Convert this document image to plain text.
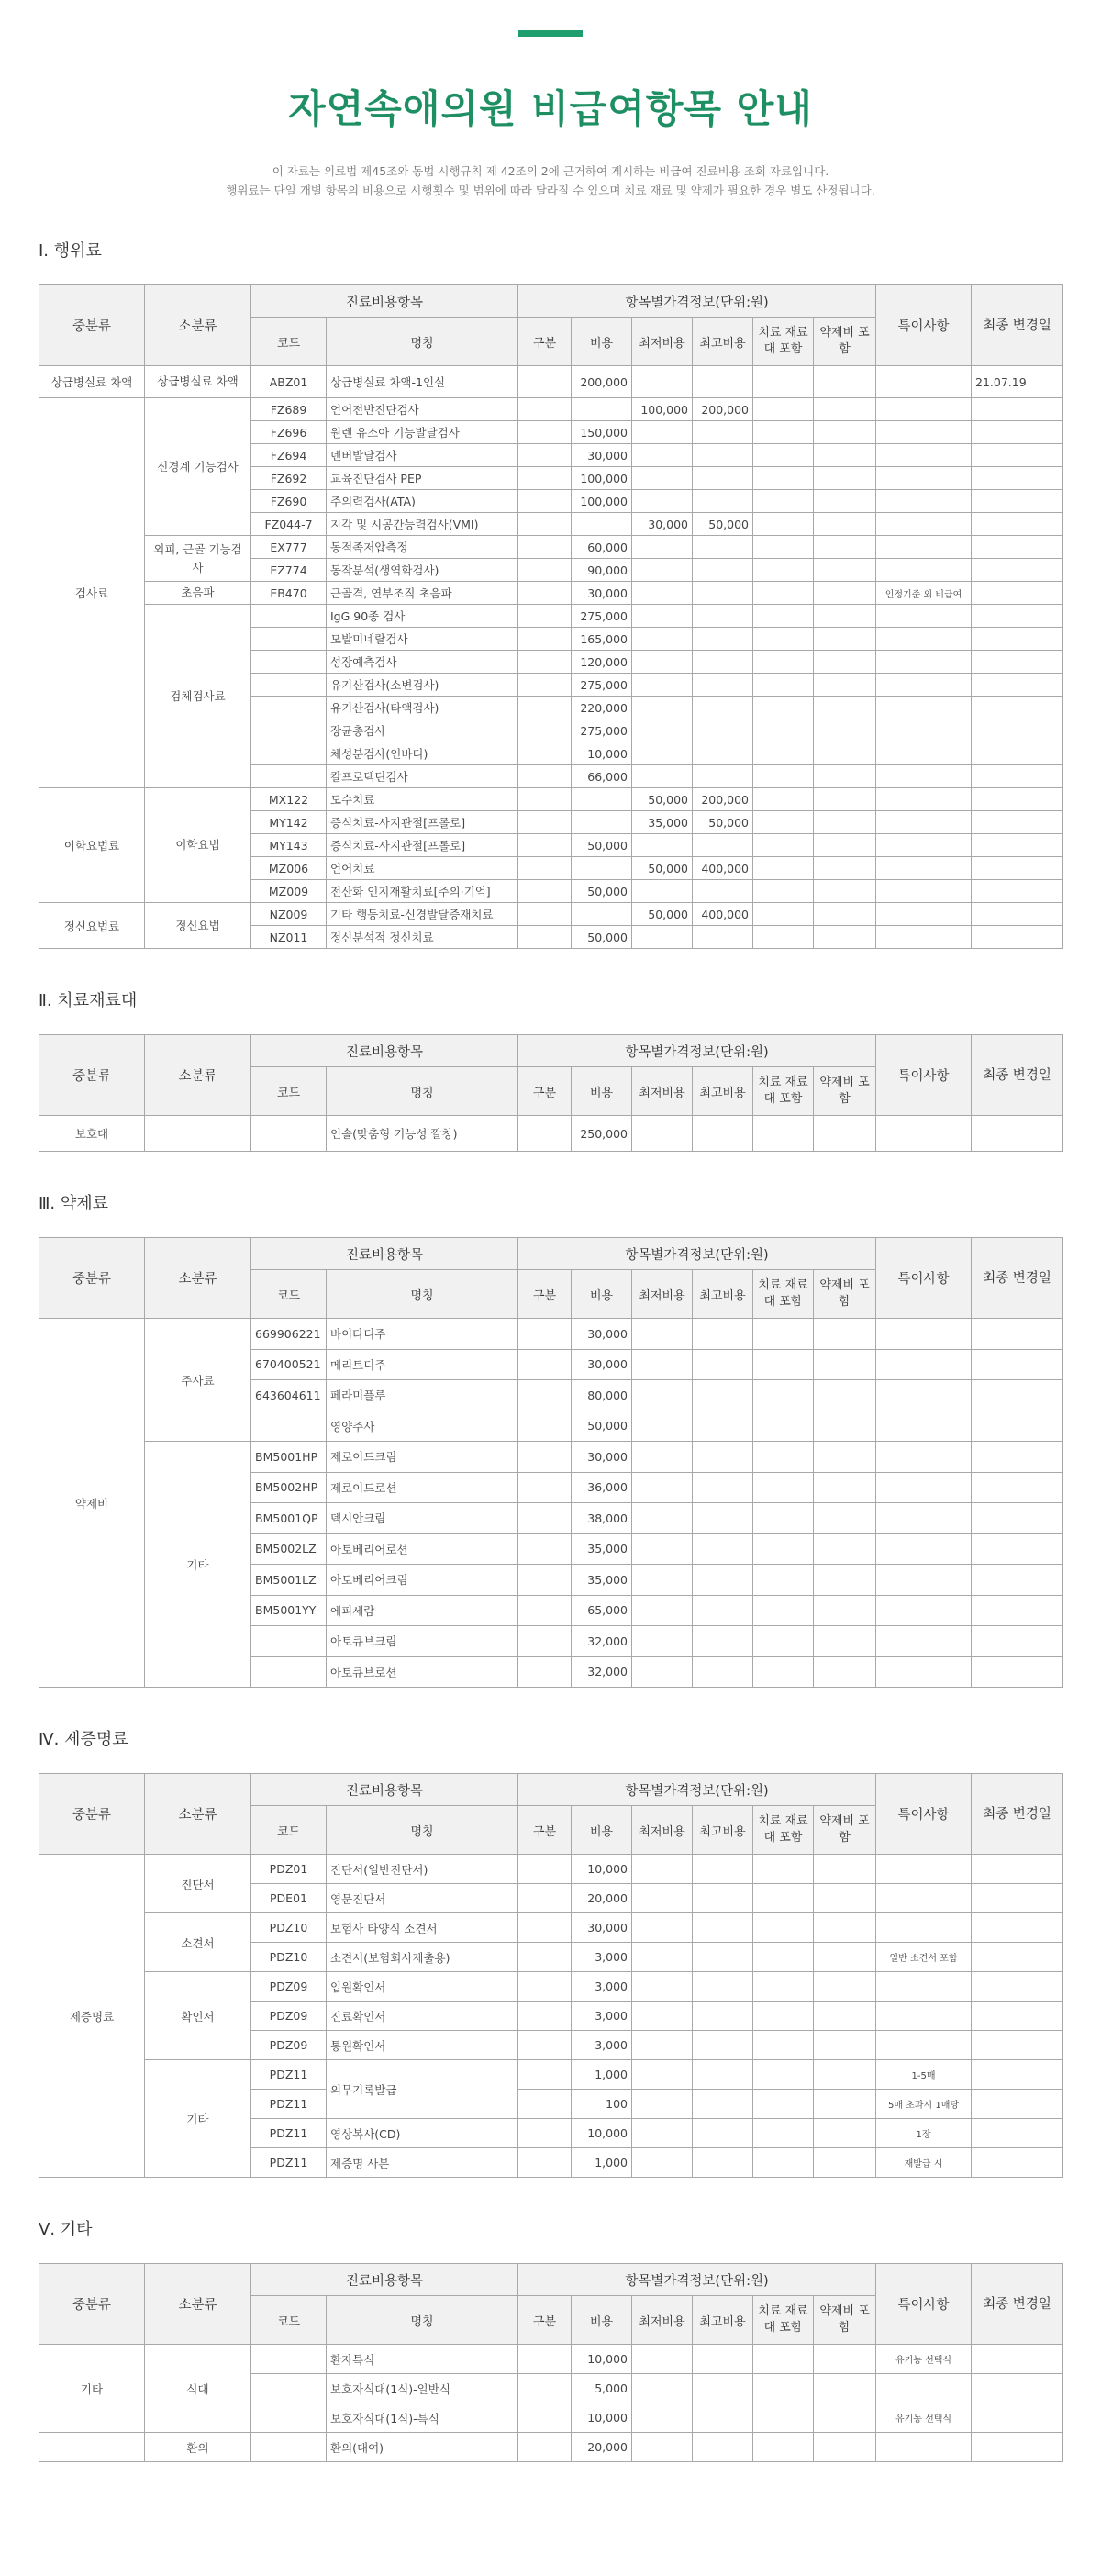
자연속애의원 비급여항목 안내
이 자료는 의료법 제45조와 동법 시행규칙 제 42조의 2에 근거하여 게시하는 비급여 진료비용 조회 자료입니다.
행위료는 단일 개별 항목의 비용으로 시행횟수 및 범위에 따라 달라질 수 있으며 치료 재료 및 약제가 필요한 경우 별도 산정됩니다.
Ⅰ. 행위료
중분류	소분류	진료비용항목		항목별가격정보(단위:원)						특이사항	최종 변경일
		코드	명칭	구분	비용	최저비용	최고비용	치료 재료대 포함	약제비 포함		
상급병실료 차액	상급병실료 차액	ABZ01	상급병실료 차액-1인실		200,000						21.07.19
검사료	신경계 기능검사	FZ689	언어전반진단검사			100,000	200,000				
		FZ696	원렌 유소아 기능발달검사		150,000						
		FZ694	덴버발달검사		30,000						
		FZ692	교육진단검사 PEP		100,000						
		FZ690	주의력검사(ATA)		100,000						
		FZ044-7	지각 및 시공간능력검사(VMI)			30,000	50,000				
	외피, 근골 기능검사	EX777	동적족저압측정		60,000						
		EZ774	동작분석(생역학검사)		90,000						
	초음파	EB470	근골격, 연부조직 초음파		30,000					인정기준 외 비급여	
	검체검사료		IgG 90종 검사		275,000						
			모발미네랄검사		165,000						
			성장예측검사		120,000						
			유기산검사(소변검사)		275,000						
			유기산검사(타액검사)		220,000						
			장균총검사		275,000						
			체성분검사(인바디)		10,000						
			칼프로텍틴검사		66,000						
이학요법료	이학요법	MX122	도수치료			50,000	200,000				
		MY142	증식치료-사지관절[프롤로]			35,000	50,000				
		MY143	증식치료-사지관절[프롤로]		50,000						
		MZ006	언어치료			50,000	400,000				
		MZ009	전산화 인지재활치료[주의·기억]		50,000						
정신요법료	정신요법	NZ009	기타 행동치료-신경발달증재치료			50,000	400,000				
		NZ011	정신분석적 정신치료		50,000						
Ⅱ. 치료재료대
중분류	소분류	진료비용항목		항목별가격정보(단위:원)						특이사항	최종 변경일
		코드	명칭	구분	비용	최저비용	최고비용	치료 재료대 포함	약제비 포함		
보호대			인솔(맞춤형 기능성 깔창)		250,000						
Ⅲ. 약제료
중분류	소분류	진료비용항목		항목별가격정보(단위:원)						특이사항	최종 변경일
		코드	명칭	구분	비용	최저비용	최고비용	치료 재료대 포함	약제비 포함		
약제비	주사료	669906221	바이타디주		30,000						
		670400521	메리트디주		30,000						
		643604611	페라미플루		80,000						
			영양주사		50,000						
	기타	BM5001HP	제로이드크림		30,000						
		BM5002HP	제로이드로션		36,000						
		BM5001QP	덱시안크림		38,000						
		BM5002LZ	아토베리어로션		35,000						
		BM5001LZ	아토베리어크림		35,000						
		BM5001YY	에피세람		65,000						
			아토큐브크림		32,000						
			아토큐브로션		32,000						
Ⅳ. 제증명료
중분류	소분류	진료비용항목		항목별가격정보(단위:원)						특이사항	최종 변경일
		코드	명칭	구분	비용	최저비용	최고비용	치료 재료대 포함	약제비 포함		
제증명료	진단서	PDZ01	진단서(일반진단서)		10,000						
		PDE01	영문진단서		20,000						
	소견서	PDZ10	보험사 타양식 소견서		30,000						
		PDZ10	소견서(보험회사제출용)		3,000					일반 소견서 포함	
	확인서	PDZ09	입원확인서		3,000						
		PDZ09	진료확인서		3,000						
		PDZ09	통원확인서		3,000						
	기타	PDZ11	의무기록발급		1,000					1-5매	
		PDZ11			100					5매 초과시 1매당	
		PDZ11	영상복사(CD)		10,000					1장	
		PDZ11	제증명 사본		1,000					재발급 시	
Ⅴ. 기타
중분류	소분류	진료비용항목		항목별가격정보(단위:원)						특이사항	최종 변경일
		코드	명칭	구분	비용	최저비용	최고비용	치료 재료대 포함	약제비 포함		
기타	식대		환자특식		10,000					유기농 선택식	
			보호자식대(1식)-일반식		5,000						
			보호자식대(1식)-특식		10,000					유기농 선택식	
	환의		환의(대여)		20,000						
